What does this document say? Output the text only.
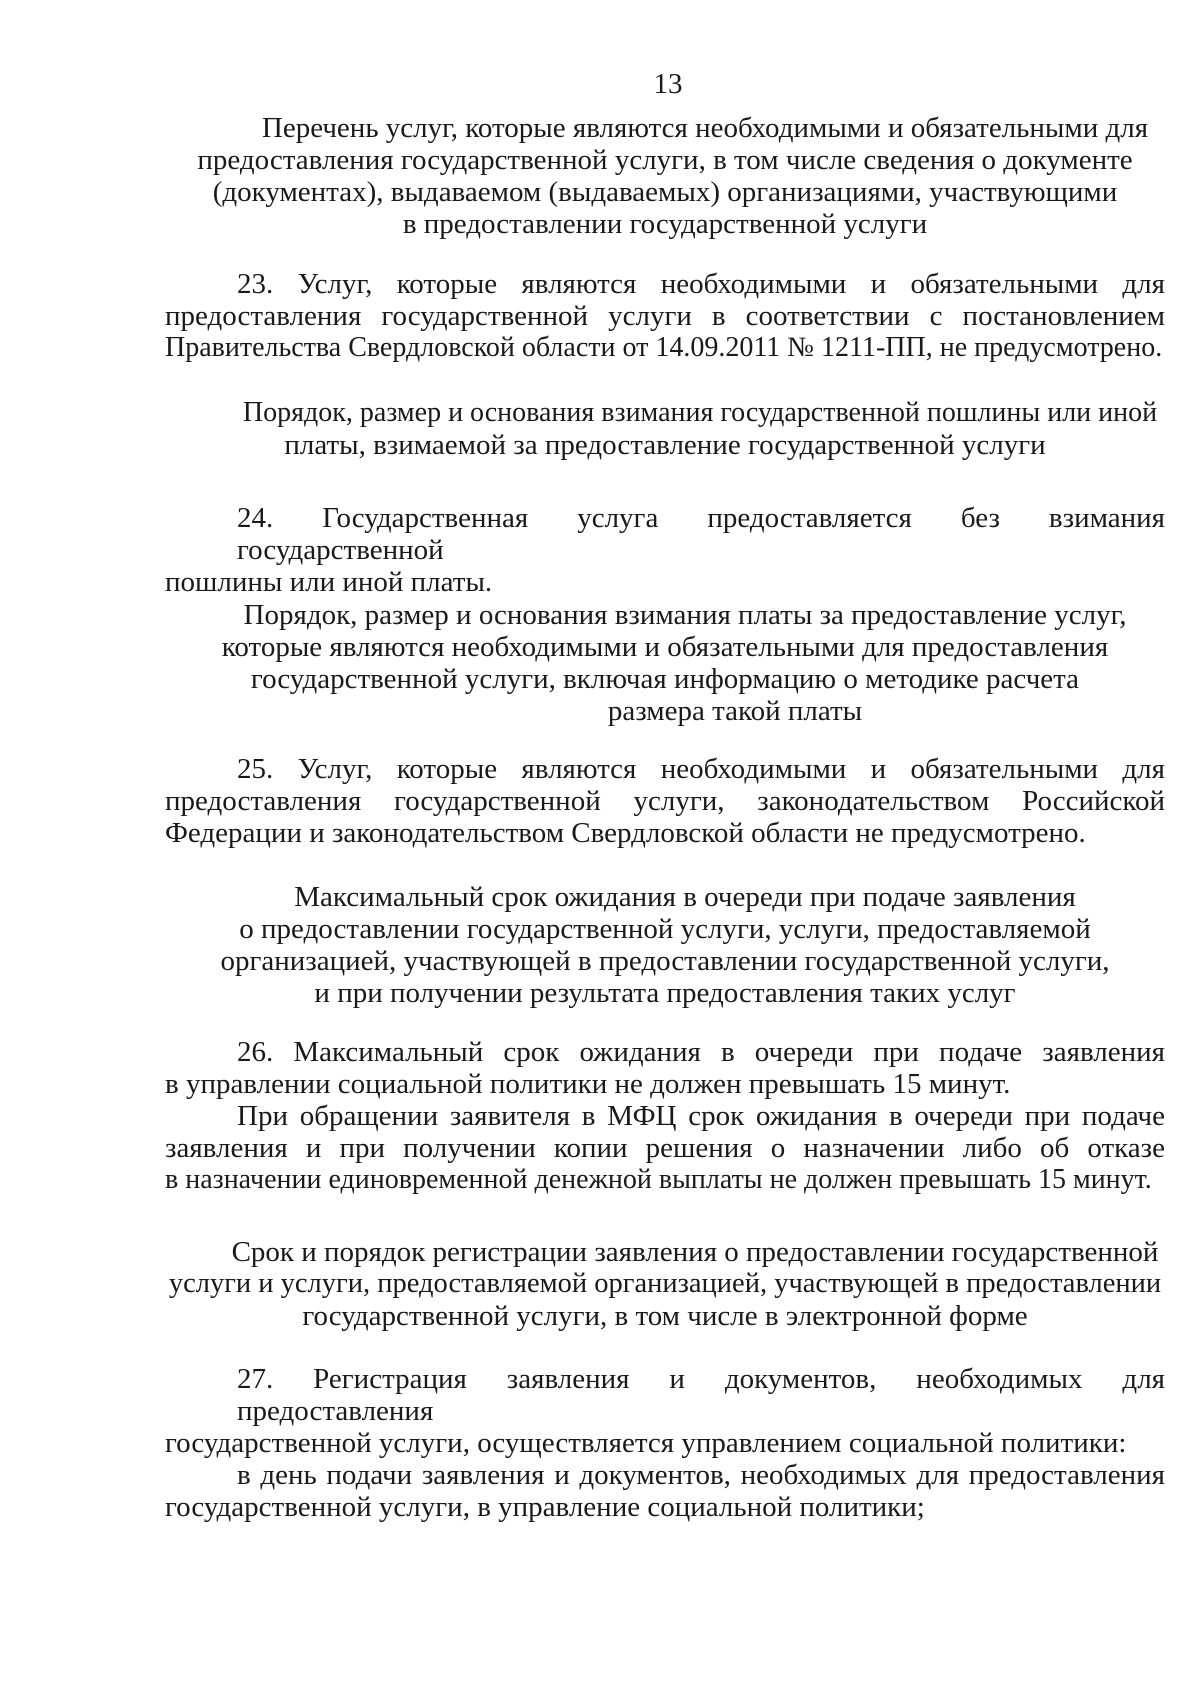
13
Перечень услуг, которые являются необходимыми и обязательными для
предоставления государственной услуги, в том числе сведения о документе
(документах), выдаваемом (выдаваемых) организациями, участвующими
в предоставлении государственной услуги
23. Услуг, которые являются необходимыми и обязательными для
предоставления государственной услуги в соответствии с постановлением
Правительства Свердловской области от 14.09.2011 № 1211-ПП, не предусмотрено.
Порядок, размер и основания взимания государственной пошлины или иной
платы, взимаемой за предоставление государственной услуги
24. Государственная услуга предоставляется без взимания государственной
пошлины или иной платы.
Порядок, размер и основания взимания платы за предоставление услуг,
которые являются необходимыми и обязательными для предоставления
государственной услуги, включая информацию о методике расчета
размера такой платы
25. Услуг, которые являются необходимыми и обязательными для
предоставления государственной услуги, законодательством Российской
Федерации и законодательством Свердловской области не предусмотрено.
Максимальный срок ожидания в очереди при подаче заявления
о предоставлении государственной услуги, услуги, предоставляемой
организацией, участвующей в предоставлении государственной услуги,
и при получении результата предоставления таких услуг
26. Максимальный срок ожидания в очереди при подаче заявления
в управлении социальной политики не должен превышать 15 минут.
При обращении заявителя в МФЦ срок ожидания в очереди при подаче
заявления и при получении копии решения о назначении либо об отказе
в назначении единовременной денежной выплаты не должен превышать 15 минут.
Срок и порядок регистрации заявления о предоставлении государственной
услуги и услуги, предоставляемой организацией, участвующей в предоставлении
государственной услуги, в том числе в электронной форме
27. Регистрация заявления и документов, необходимых для предоставления
государственной услуги, осуществляется управлением социальной политики:
в день подачи заявления и документов, необходимых для предоставления
государственной услуги, в управление социальной политики;
